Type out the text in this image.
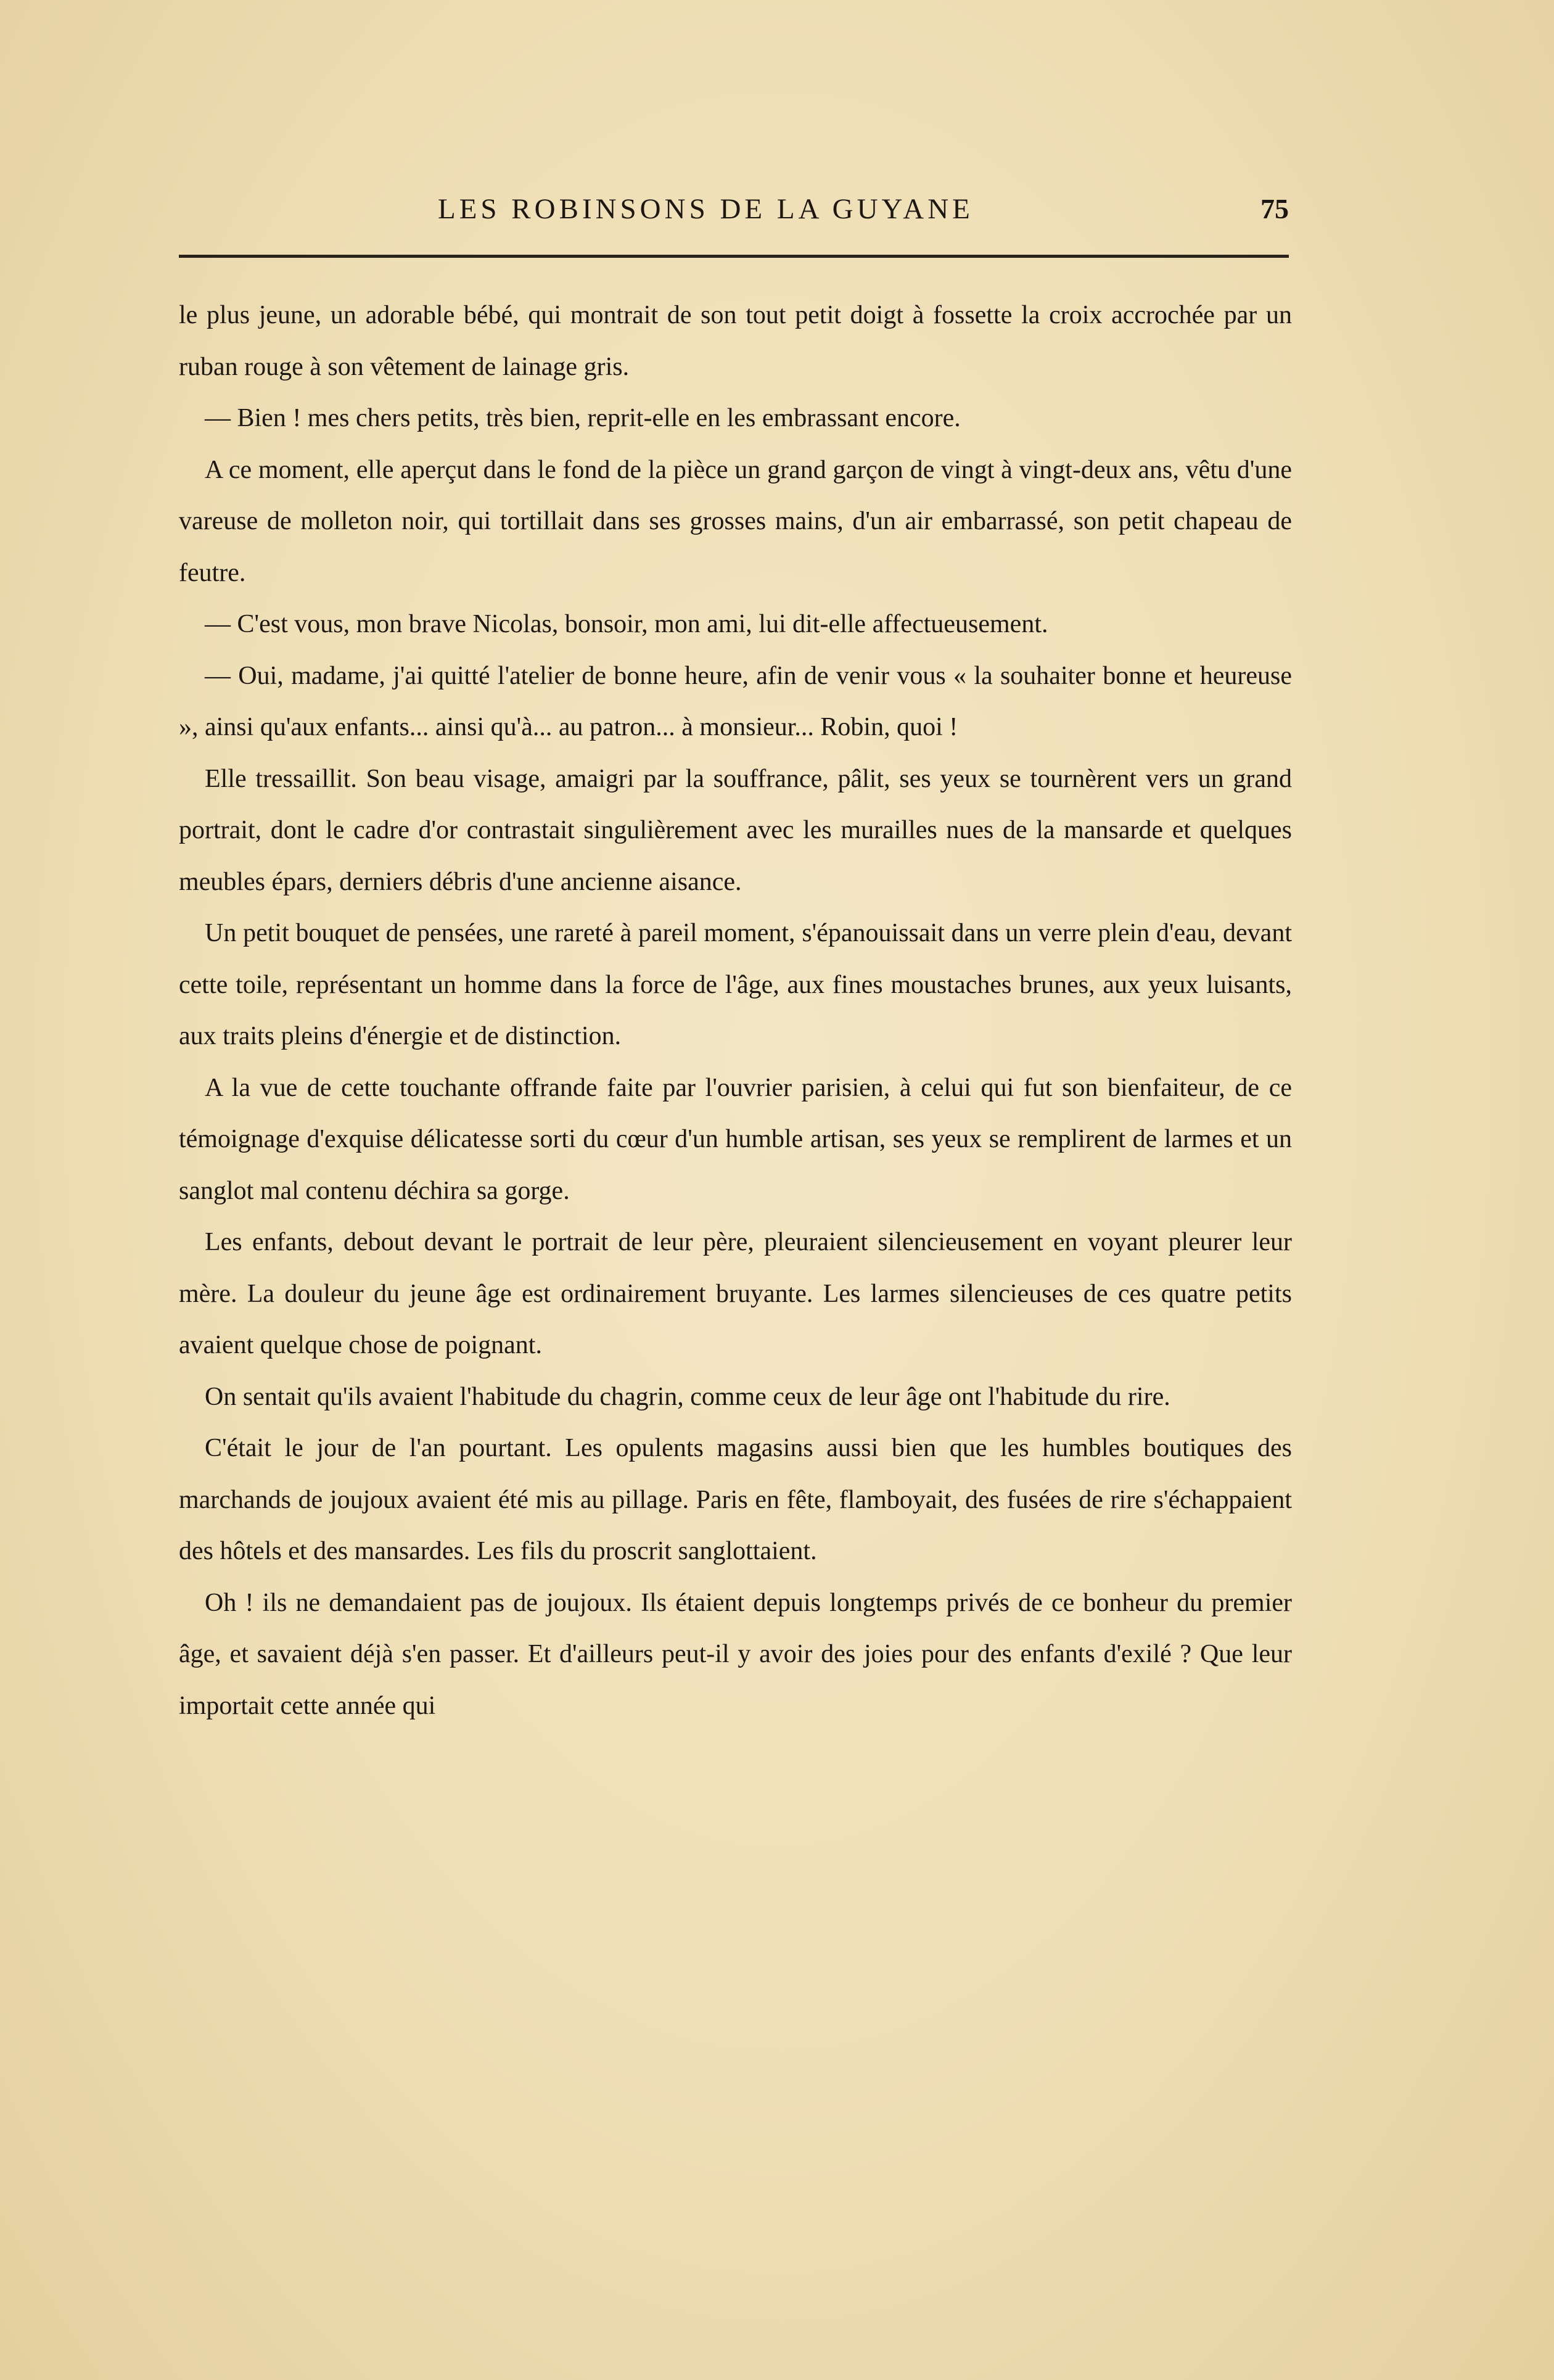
LES ROBINSONS DE LA GUYANE	75

le plus jeune, un adorable bébé, qui montrait de son tout petit doigt à fossette la croix accrochée par un ruban rouge à son vêtement de lainage gris.

— Bien ! mes chers petits, très bien, reprit-elle en les embrassant encore.

A ce moment, elle aperçut dans le fond de la pièce un grand garçon de vingt à vingt-deux ans, vêtu d'une vareuse de molleton noir, qui tortillait dans ses grosses mains, d'un air embarrassé, son petit chapeau de feutre.

— C'est vous, mon brave Nicolas, bonsoir, mon ami, lui dit-elle affectueusement.

— Oui, madame, j'ai quitté l'atelier de bonne heure, afin de venir vous « la souhaiter bonne et heureuse », ainsi qu'aux enfants... ainsi qu'à... au patron... à monsieur... Robin, quoi !

Elle tressaillit. Son beau visage, amaigri par la souffrance, pâlit, ses yeux se tournèrent vers un grand portrait, dont le cadre d'or contrastait singulièrement avec les murailles nues de la mansarde et quelques meubles épars, derniers débris d'une ancienne aisance.

Un petit bouquet de pensées, une rareté à pareil moment, s'épanouissait dans un verre plein d'eau, devant cette toile, représentant un homme dans la force de l'âge, aux fines moustaches brunes, aux yeux luisants, aux traits pleins d'énergie et de distinction.

A la vue de cette touchante offrande faite par l'ouvrier parisien, à celui qui fut son bienfaiteur, de ce témoignage d'exquise délicatesse sorti du cœur d'un humble artisan, ses yeux se remplirent de larmes et un sanglot mal contenu déchira sa gorge.

Les enfants, debout devant le portrait de leur père, pleuraient silencieusement en voyant pleurer leur mère. La douleur du jeune âge est ordinairement bruyante. Les larmes silencieuses de ces quatre petits avaient quelque chose de poignant.

On sentait qu'ils avaient l'habitude du chagrin, comme ceux de leur âge ont l'habitude du rire.

C'était le jour de l'an pourtant. Les opulents magasins aussi bien que les humbles boutiques des marchands de joujoux avaient été mis au pillage. Paris en fête, flamboyait, des fusées de rire s'échappaient des hôtels et des mansardes. Les fils du proscrit sanglottaient.

Oh ! ils ne demandaient pas de joujoux. Ils étaient depuis longtemps privés de ce bonheur du premier âge, et savaient déjà s'en passer. Et d'ailleurs peut-il y avoir des joies pour des enfants d'exilé ? Que leur importait cette année qui
